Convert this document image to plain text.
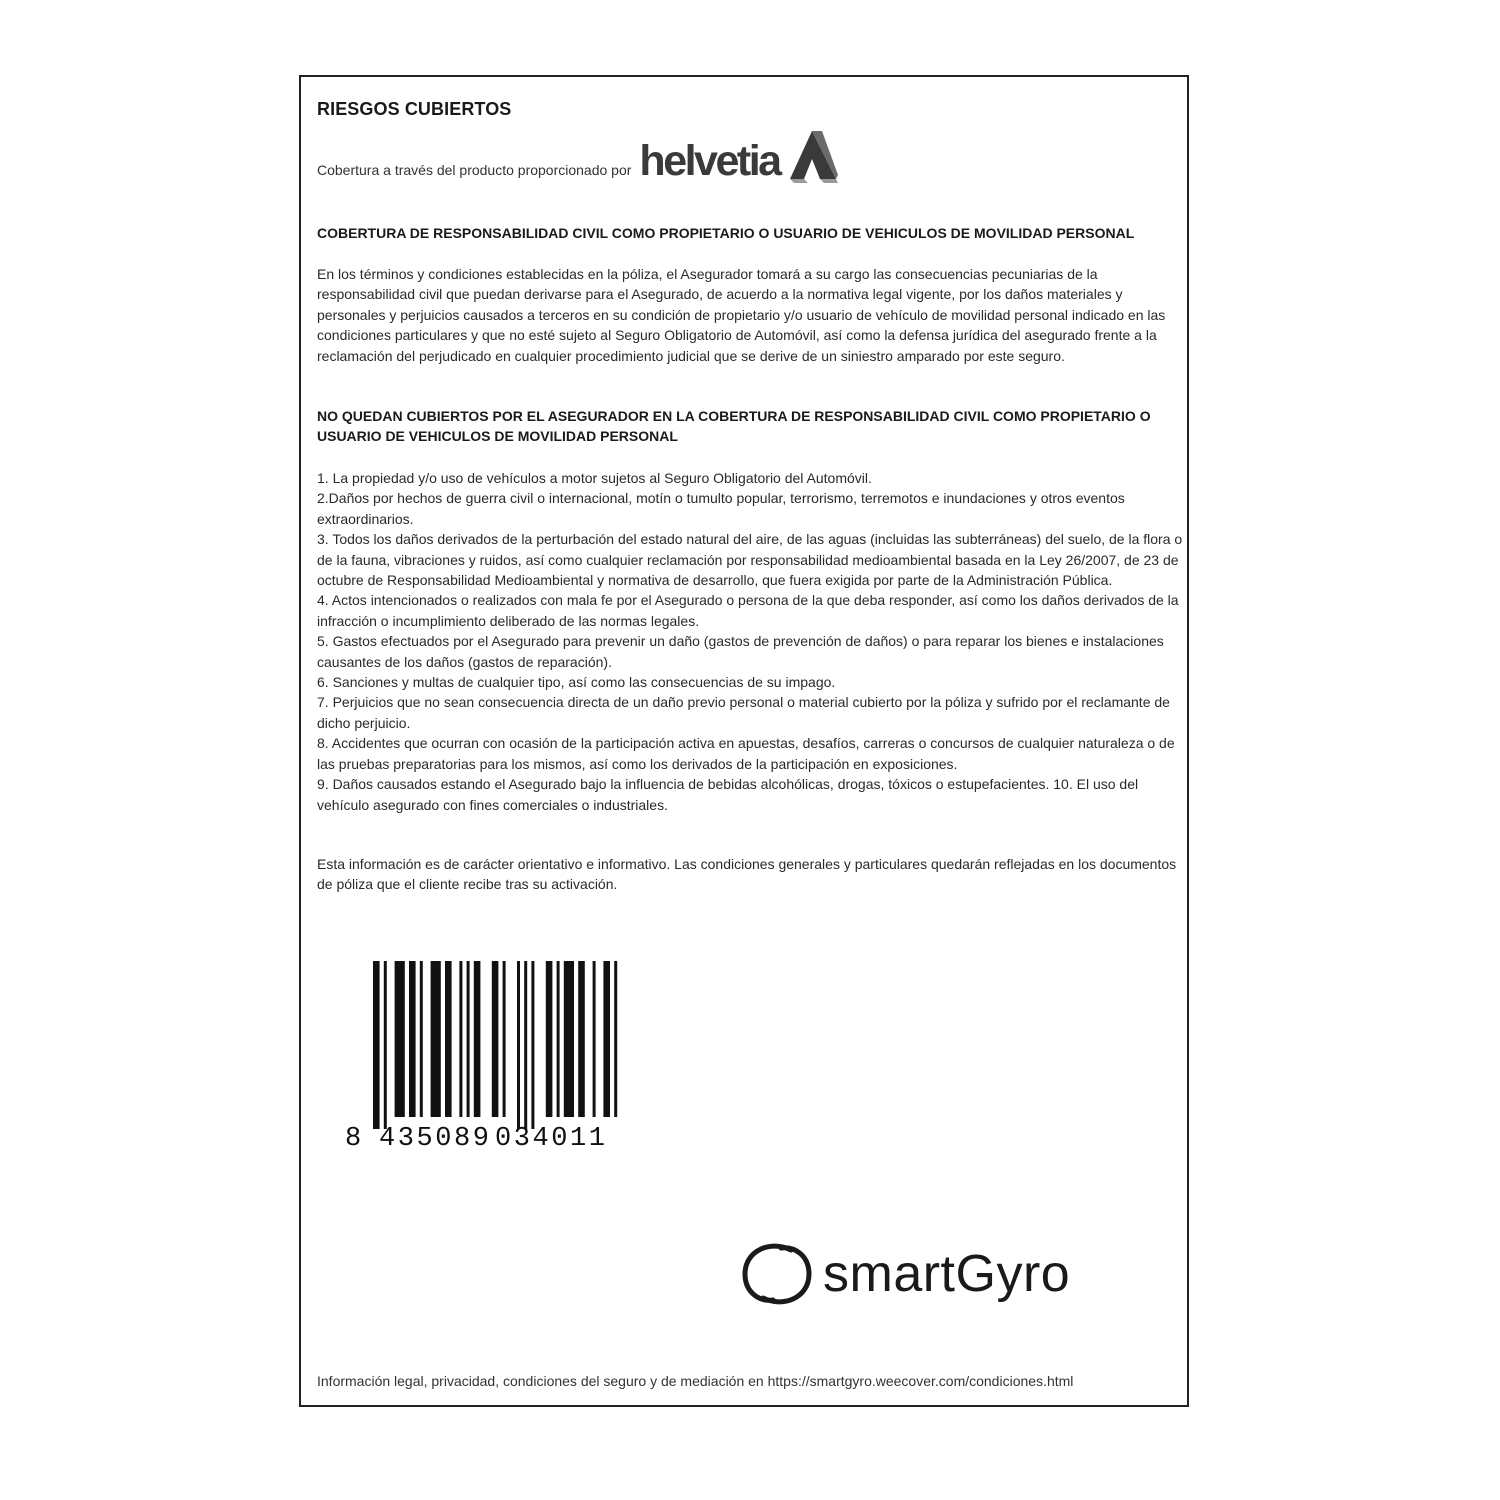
RIESGOS CUBIERTOS
Cobertura a través del producto proporcionado por helvetia
COBERTURA DE RESPONSABILIDAD CIVIL COMO PROPIETARIO O USUARIO DE VEHICULOS DE MOVILIDAD PERSONAL

En los términos y condiciones establecidas en la póliza, el Asegurador tomará a su cargo las consecuencias pecuniarias de la responsabilidad civil que puedan derivarse para el Asegurado, de acuerdo a la normativa legal vigente, por los daños materiales y personales y perjuicios causados a terceros en su condición de propietario y/o usuario de vehículo de movilidad personal indicado en las condiciones particulares y que no esté sujeto al Seguro Obligatorio de Automóvil, así como la defensa jurídica del asegurado frente a la reclamación del perjudicado en cualquier procedimiento judicial que se derive de un siniestro amparado por este seguro.

NO QUEDAN CUBIERTOS POR EL ASEGURADOR EN LA COBERTURA DE RESPONSABILIDAD CIVIL COMO PROPIETARIO O USUARIO DE VEHICULOS DE MOVILIDAD PERSONAL
1. La propiedad y/o uso de vehículos a motor sujetos al Seguro Obligatorio del Automóvil.
2.Daños por hechos de guerra civil o internacional, motín o tumulto popular, terrorismo, terremotos e inundaciones y otros eventos extraordinarios.
3. Todos los daños derivados de la perturbación del estado natural del aire, de las aguas (incluidas las subterráneas) del suelo, de la flora o de la fauna, vibraciones y ruidos, así como cualquier reclamación por responsabilidad medioambiental basada en la Ley 26/2007, de 23 de octubre de Responsabilidad Medioambiental y normativa de desarrollo, que fuera exigida por parte de la Administración Pública.
4. Actos intencionados o realizados con mala fe por el Asegurado o persona de la que deba responder, así como los daños derivados de la infracción o incumplimiento deliberado de las normas legales.
5. Gastos efectuados por el Asegurado para prevenir un daño (gastos de prevención de daños) o para reparar los bienes e instalaciones causantes de los daños (gastos de reparación).
6. Sanciones y multas de cualquier tipo, así como las consecuencias de su impago.
7. Perjuicios que no sean consecuencia directa de un daño previo personal o material cubierto por la póliza y sufrido por el reclamante de dicho perjuicio.
8. Accidentes que ocurran con ocasión de la participación activa en apuestas, desafíos, carreras o concursos de cualquier naturaleza o de las pruebas preparatorias para los mismos, así como los derivados de la participación en exposiciones.
9. Daños causados estando el Asegurado bajo la influencia de bebidas alcohólicas, drogas, tóxicos o estupefacientes. 10. El uso del vehículo asegurado con fines comerciales o industriales.

Esta información es de carácter orientativo e informativo. Las condiciones generales y particulares quedarán reflejadas en los documentos de póliza que el cliente recibe tras su activación.

8 435089 034011
smartGyro

Información legal, privacidad, condiciones del seguro y de mediación en https://smartgyro.weecover.com/condiciones.html
